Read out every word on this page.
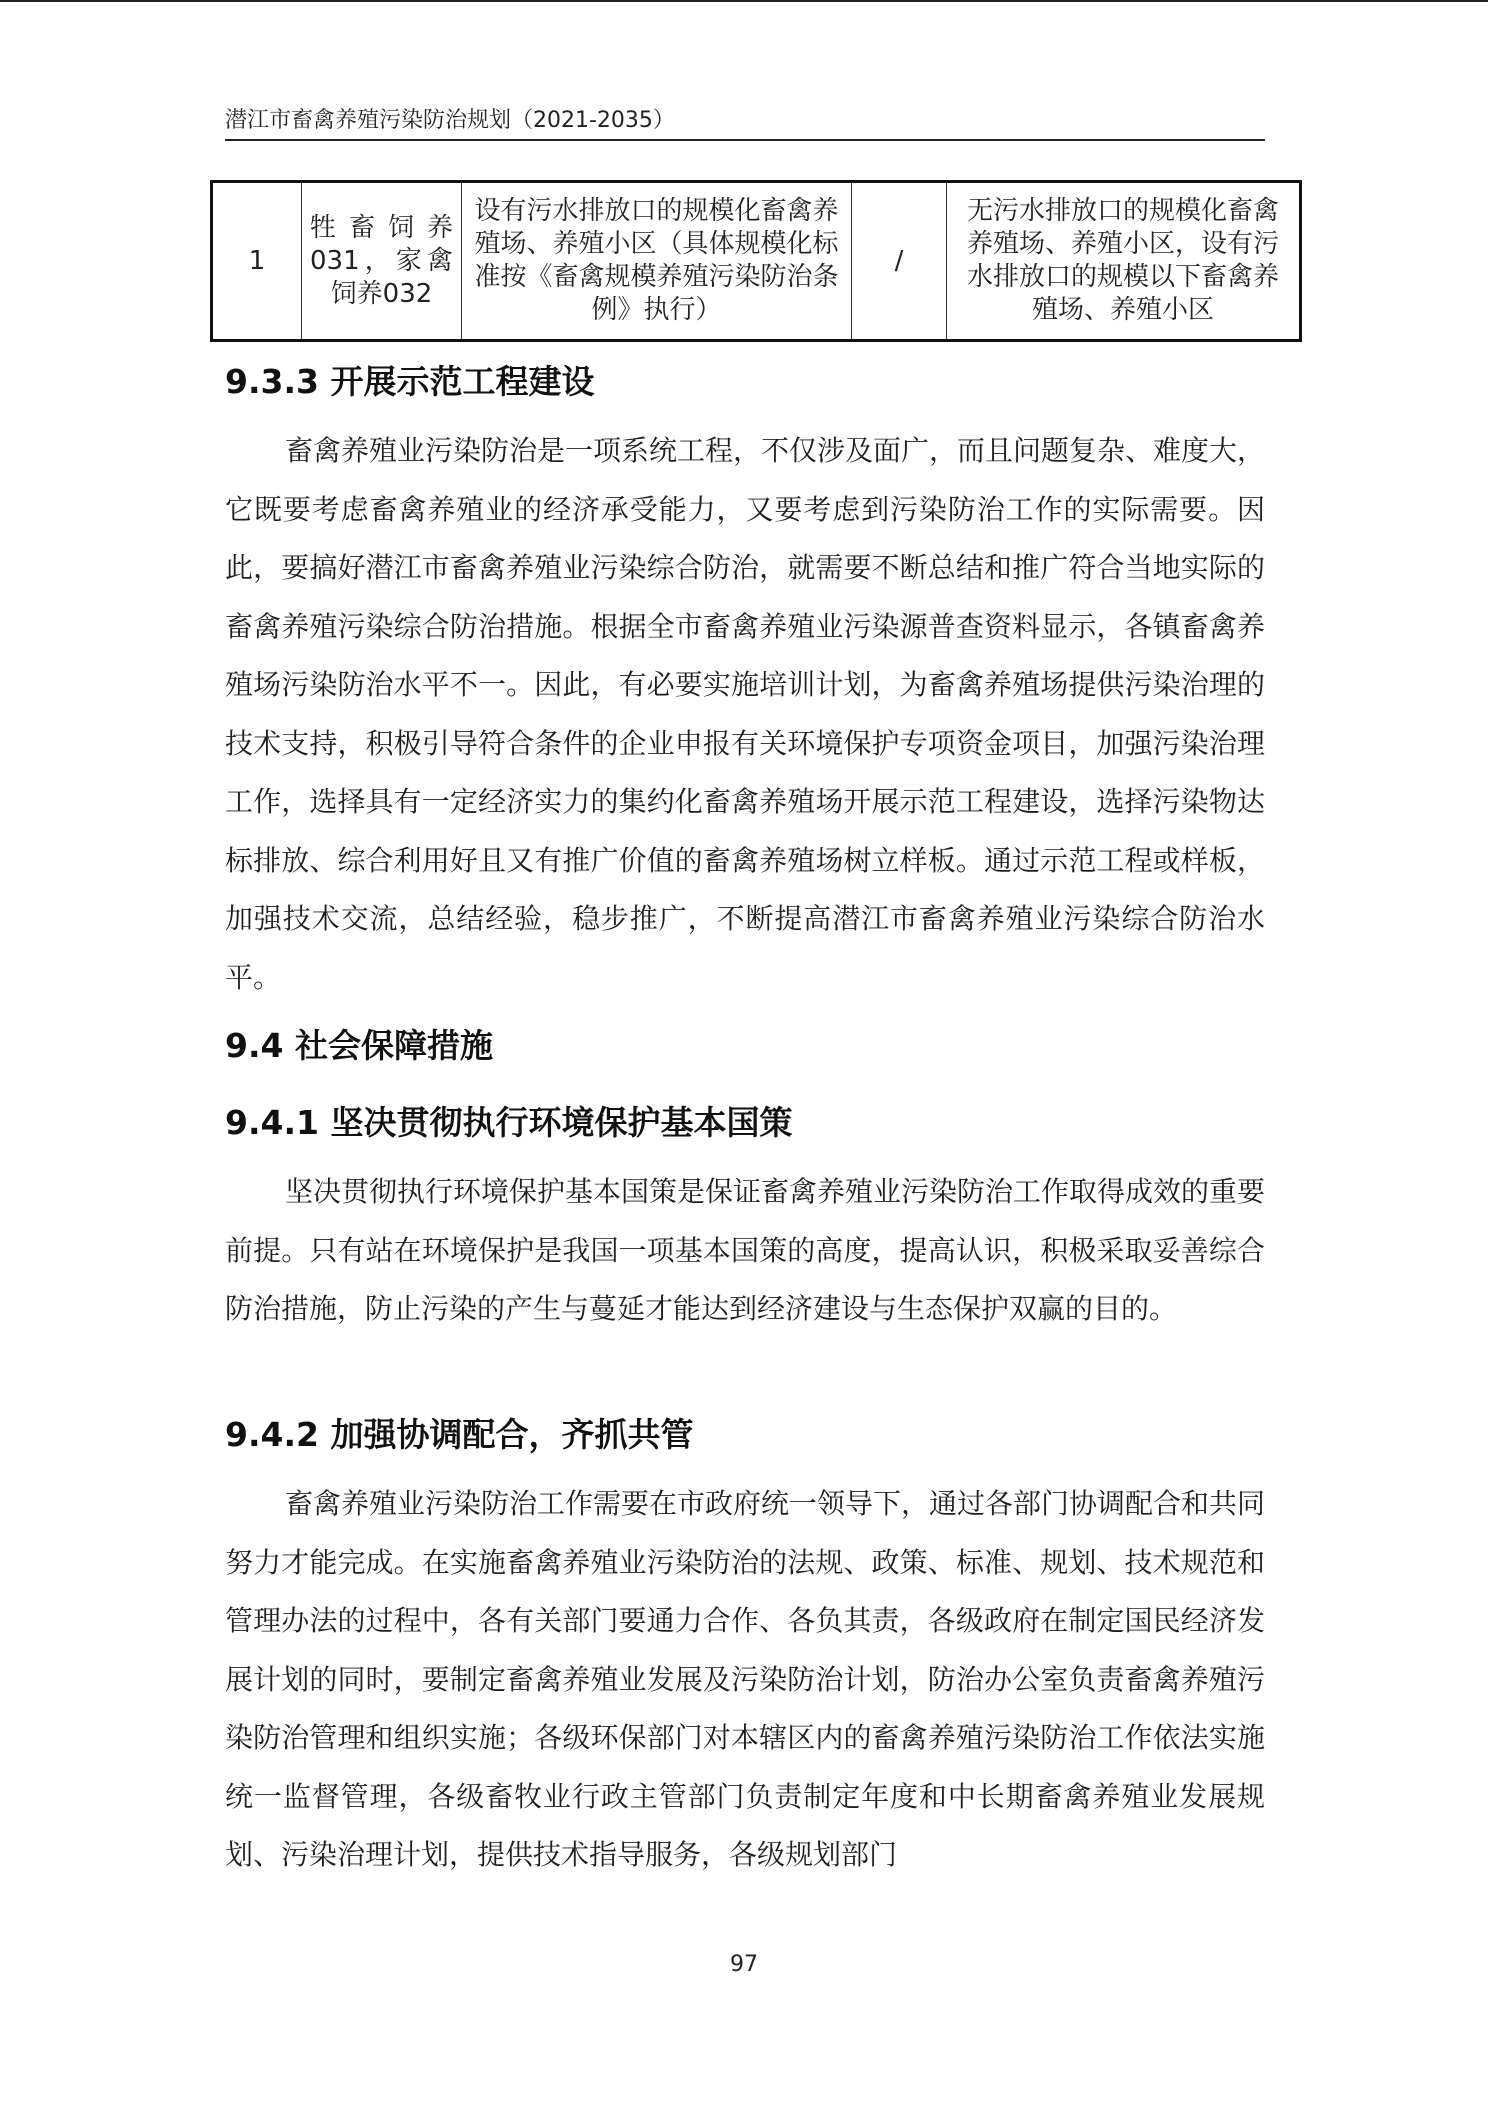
潜江市畜禽养殖污染防治规划（2021-2035）
1	牲畜饲养031，家禽饲养032	设有污水排放口的规模化畜禽养殖场、养殖小区（具体规模化标准按《畜禽规模养殖污染防治条例》执行）	/	无污水排放口的规模化畜禽养殖场、养殖小区，设有污水排放口的规模以下畜禽养殖场、养殖小区
9.3.3 开展示范工程建设

畜禽养殖业污染防治是一项系统工程，不仅涉及面广，而且问题复杂、难度大，它既要考虑畜禽养殖业的经济承受能力，又要考虑到污染防治工作的实际需要。因此，要搞好潜江市畜禽养殖业污染综合防治，就需要不断总结和推广符合当地实际的畜禽养殖污染综合防治措施。根据全市畜禽养殖业污染源普查资料显示，各镇畜禽养殖场污染防治水平不一。因此，有必要实施培训计划，为畜禽养殖场提供污染治理的技术支持，积极引导符合条件的企业申报有关环境保护专项资金项目，加强污染治理工作，选择具有一定经济实力的集约化畜禽养殖场开展示范工程建设，选择污染物达标排放、综合利用好且又有推广价值的畜禽养殖场树立样板。通过示范工程或样板，加强技术交流，总结经验，稳步推广，不断提高潜江市畜禽养殖业污染综合防治水平。

9.4 社会保障措施
9.4.1 坚决贯彻执行环境保护基本国策

坚决贯彻执行环境保护基本国策是保证畜禽养殖业污染防治工作取得成效的重要前提。只有站在环境保护是我国一项基本国策的高度，提高认识，积极采取妥善综合防治措施，防止污染的产生与蔓延才能达到经济建设与生态保护双赢的目的。

9.4.2 加强协调配合，齐抓共管

畜禽养殖业污染防治工作需要在市政府统一领导下，通过各部门协调配合和共同努力才能完成。在实施畜禽养殖业污染防治的法规、政策、标准、规划、技术规范和管理办法的过程中，各有关部门要通力合作、各负其责，各级政府在制定国民经济发展计划的同时，要制定畜禽养殖业发展及污染防治计划，防治办公室负责畜禽养殖污染防治管理和组织实施；各级环保部门对本辖区内的畜禽养殖污染防治工作依法实施统一监督管理，各级畜牧业行政主管部门负责制定年度和中长期畜禽养殖业发展规划、污染治理计划，提供技术指导服务，各级规划部门

97
